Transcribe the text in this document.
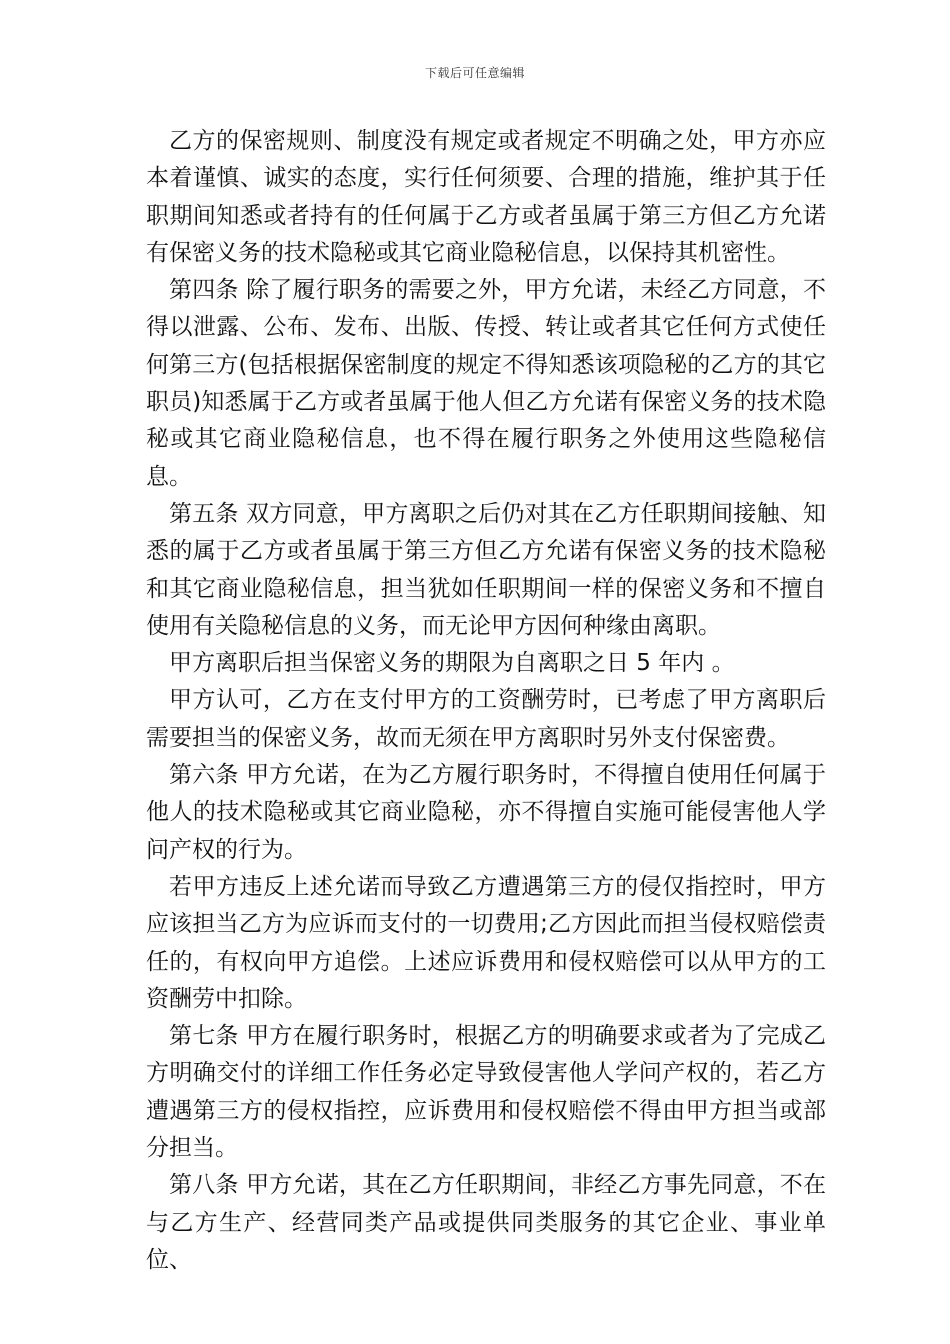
下载后可任意编辑

乙方的保密规则、制度没有规定或者规定不明确之处，甲方亦应本着谨慎、诚实的态度，实行任何须要、合理的措施，维护其于任职期间知悉或者持有的任何属于乙方或者虽属于第三方但乙方允诺有保密义务的技术隐秘或其它商业隐秘信息，以保持其机密性。

第四条 除了履行职务的需要之外，甲方允诺，未经乙方同意，不得以泄露、公布、发布、出版、传授、转让或者其它任何方式使任何第三方(包括根据保密制度的规定不得知悉该项隐秘的乙方的其它职员)知悉属于乙方或者虽属于他人但乙方允诺有保密义务的技术隐秘或其它商业隐秘信息，也不得在履行职务之外使用这些隐秘信息。

第五条 双方同意，甲方离职之后仍对其在乙方任职期间接触、知悉的属于乙方或者虽属于第三方但乙方允诺有保密义务的技术隐秘和其它商业隐秘信息，担当犹如任职期间一样的保密义务和不擅自使用有关隐秘信息的义务，而无论甲方因何种缘由离职。

甲方离职后担当保密义务的期限为自离职之日 5 年内 。

甲方认可，乙方在支付甲方的工资酬劳时，已考虑了甲方离职后需要担当的保密义务，故而无须在甲方离职时另外支付保密费。

第六条 甲方允诺，在为乙方履行职务时，不得擅自使用任何属于他人的技术隐秘或其它商业隐秘，亦不得擅自实施可能侵害他人学问产权的行为。

若甲方违反上述允诺而导致乙方遭遇第三方的侵仅指控时，甲方应该担当乙方为应诉而支付的一切费用;乙方因此而担当侵权赔偿责任的，有权向甲方追偿。上述应诉费用和侵权赔偿可以从甲方的工资酬劳中扣除。

第七条 甲方在履行职务时，根据乙方的明确要求或者为了完成乙方明确交付的详细工作任务必定导致侵害他人学问产权的，若乙方遭遇第三方的侵权指控，应诉费用和侵权赔偿不得由甲方担当或部分担当。

第八条 甲方允诺，其在乙方任职期间，非经乙方事先同意，不在与乙方生产、经营同类产品或提供同类服务的其它企业、事业单位、
